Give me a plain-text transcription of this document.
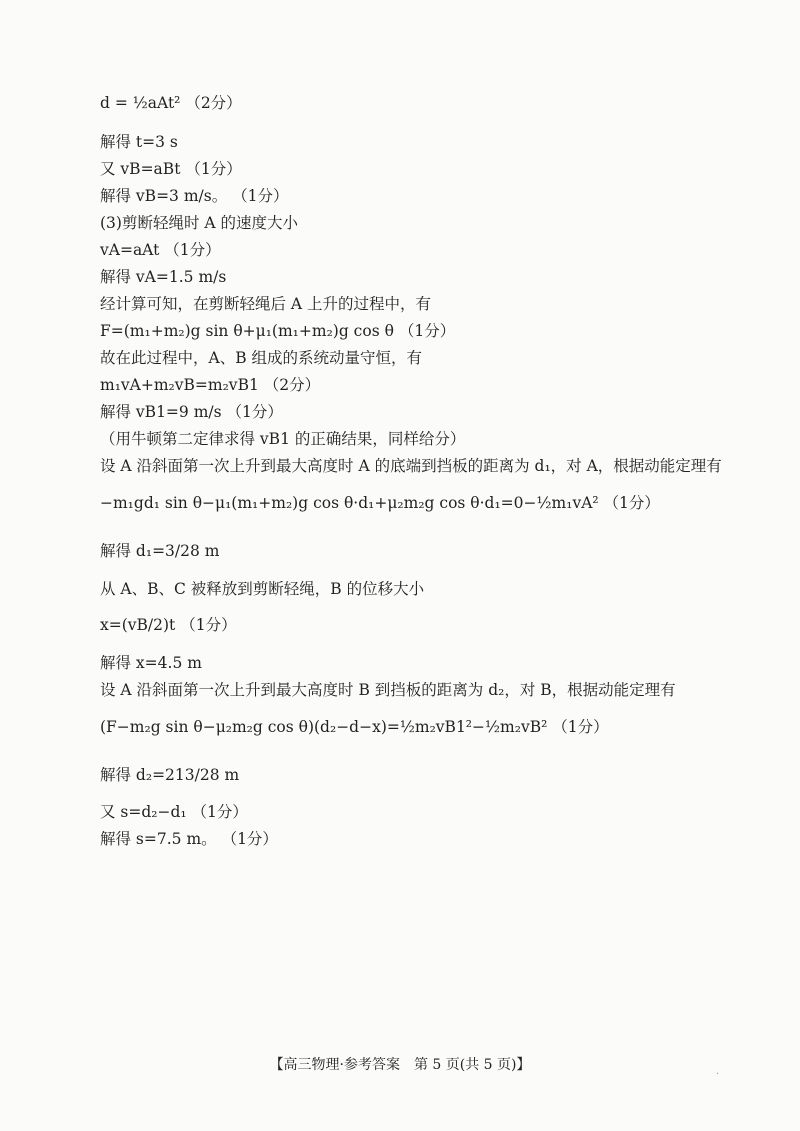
d = ½aAt² （2分）
解得 t=3 s
又 vB=aBt （1分）
解得 vB=3 m/s。 （1分）
(3)剪断轻绳时 A 的速度大小
vA=aAt （1分）
解得 vA=1.5 m/s
经计算可知，在剪断轻绳后 A 上升的过程中，有
F=(m₁+m₂)g sin θ+μ₁(m₁+m₂)g cos θ （1分）
故在此过程中，A、B 组成的系统动量守恒，有
m₁vA+m₂vB=m₂vB1 （2分）
解得 vB1=9 m/s （1分）
（用牛顿第二定律求得 vB1 的正确结果，同样给分）
设 A 沿斜面第一次上升到最大高度时 A 的底端到挡板的距离为 d₁，对 A，根据动能定理有
−m₁gd₁ sin θ−μ₁(m₁+m₂)g cos θ·d₁+μ₂m₂g cos θ·d₁=0−½m₁vA² （1分）
解得 d₁=3/28 m
从 A、B、C 被释放到剪断轻绳，B 的位移大小
x=(vB/2)t （1分）
解得 x=4.5 m
设 A 沿斜面第一次上升到最大高度时 B 到挡板的距离为 d₂，对 B，根据动能定理有
(F−m₂g sin θ−μ₂m₂g cos θ)(d₂−d−x)=½m₂vB1²−½m₂vB² （1分）
解得 d₂=213/28 m
又 s=d₂−d₁ （1分）
解得 s=7.5 m。 （1分）
【高三物理·参考答案　第 5 页(共 5 页)】	.
